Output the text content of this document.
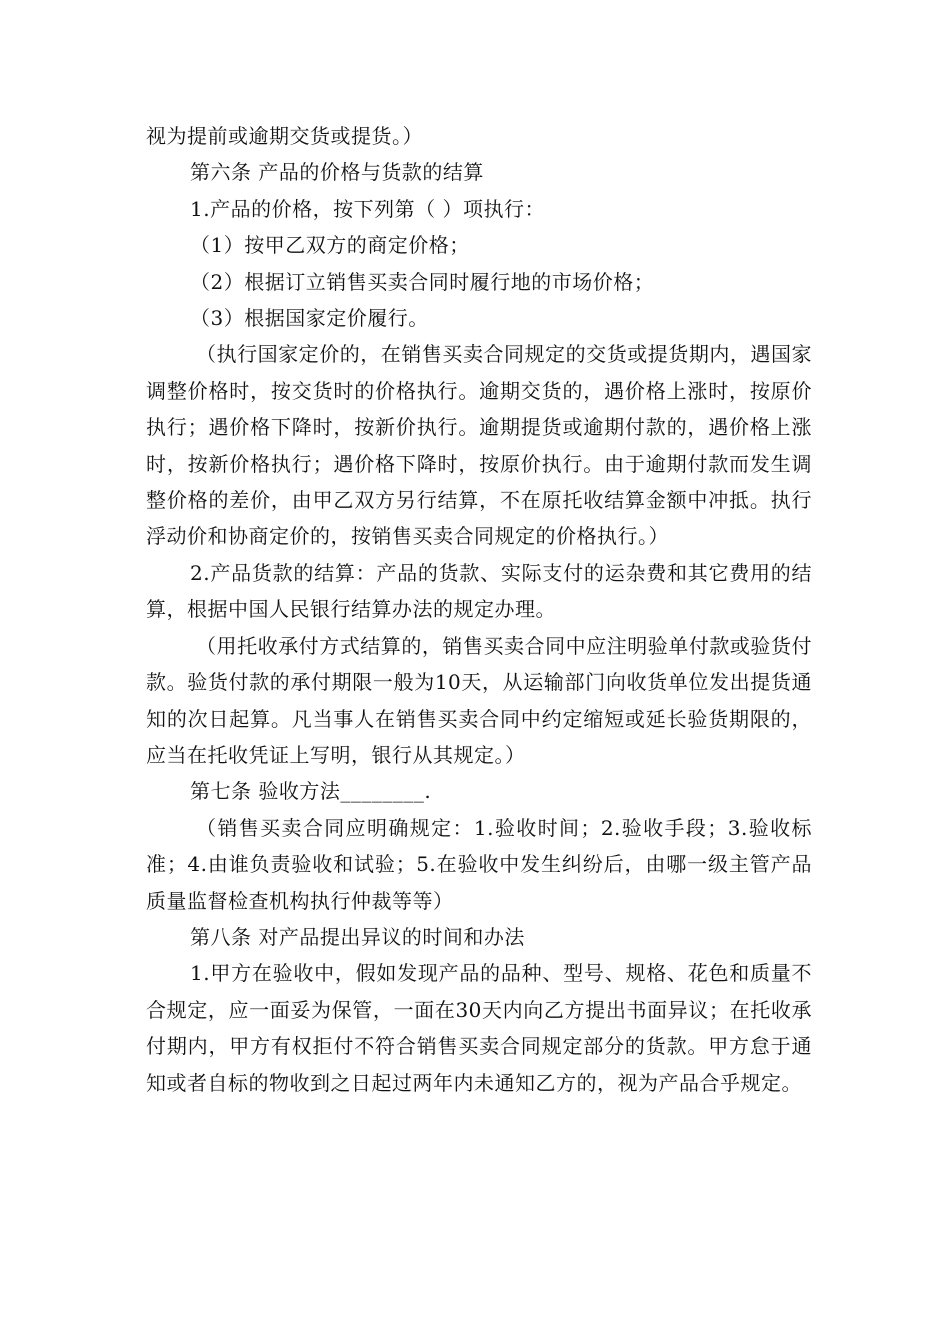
视为提前或逾期交货或提货。）

第六条 产品的价格与货款的结算

1.产品的价格，按下列第（ ）项执行：

（1）按甲乙双方的商定价格；

（2）根据订立销售买卖合同时履行地的市场价格；

（3）根据国家定价履行。

（执行国家定价的，在销售买卖合同规定的交货或提货期内，遇国家调整价格时，按交货时的价格执行。逾期交货的，遇价格上涨时，按原价执行；遇价格下降时，按新价执行。逾期提货或逾期付款的，遇价格上涨时，按新价格执行；遇价格下降时，按原价执行。由于逾期付款而发生调整价格的差价，由甲乙双方另行结算，不在原托收结算金额中冲抵。执行浮动价和协商定价的，按销售买卖合同规定的价格执行。）

2.产品货款的结算：产品的货款、实际支付的运杂费和其它费用的结算，根据中国人民银行结算办法的规定办理。

（用托收承付方式结算的，销售买卖合同中应注明验单付款或验货付款。验货付款的承付期限一般为10天，从运输部门向收货单位发出提货通知的次日起算。凡当事人在销售买卖合同中约定缩短或延长验货期限的，应当在托收凭证上写明，银行从其规定。）

第七条 验收方法________.

（销售买卖合同应明确规定：1.验收时间；2.验收手段；3.验收标准；4.由谁负责验收和试验；5.在验收中发生纠纷后，由哪一级主管产品质量监督检查机构执行仲裁等等）

第八条 对产品提出异议的时间和办法

1.甲方在验收中，假如发现产品的品种、型号、规格、花色和质量不合规定，应一面妥为保管，一面在30天内向乙方提出书面异议；在托收承付期内，甲方有权拒付不符合销售买卖合同规定部分的货款。甲方怠于通知或者自标的物收到之日起过两年内未通知乙方的，视为产品合乎规定。
